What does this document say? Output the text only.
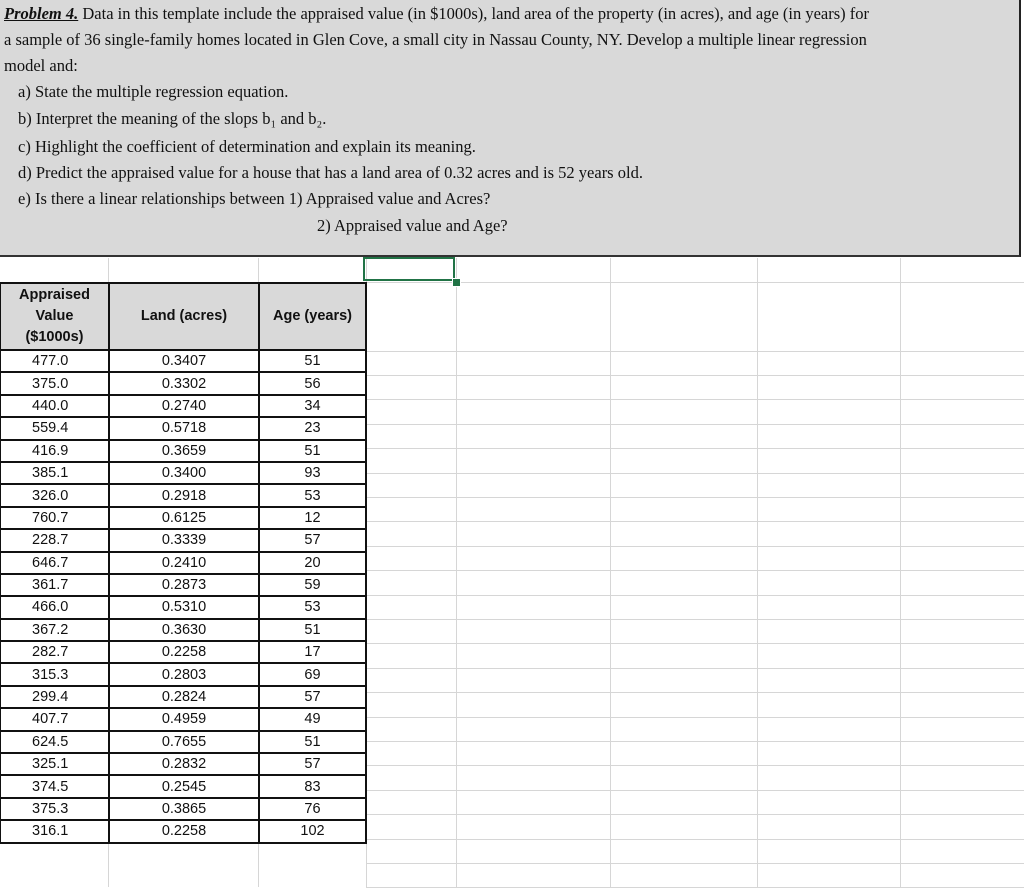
Problem 4. Data in this template include the appraised value (in $1000s), land area of the property (in acres), and age (in years) for
a sample of 36 single-family homes located in Glen Cove, a small city in Nassau County, NY. Develop a multiple linear regression
model and:
a) State the multiple regression equation.
b) Interpret the meaning of the slops b₁ and b₂.
c) Highlight the coefficient of determination and explain its meaning.
d) Predict the appraised value for a house that has a land area of 0.32 acres and is 52 years old.
e) Is there a linear relationships between 1) Appraised value and Acres?
2) Appraised value and Age?
Appraised
Value
($1000s)	Land (acres)	Age (years)
477.0	0.3407	51
375.0	0.3302	56
440.0	0.2740	34
559.4	0.5718	23
416.9	0.3659	51
385.1	0.3400	93
326.0	0.2918	53
760.7	0.6125	12
228.7	0.3339	57
646.7	0.2410	20
361.7	0.2873	59
466.0	0.5310	53
367.2	0.3630	51
282.7	0.2258	17
315.3	0.2803	69
299.4	0.2824	57
407.7	0.4959	49
624.5	0.7655	51
325.1	0.2832	57
374.5	0.2545	83
375.3	0.3865	76
316.1	0.2258	102
